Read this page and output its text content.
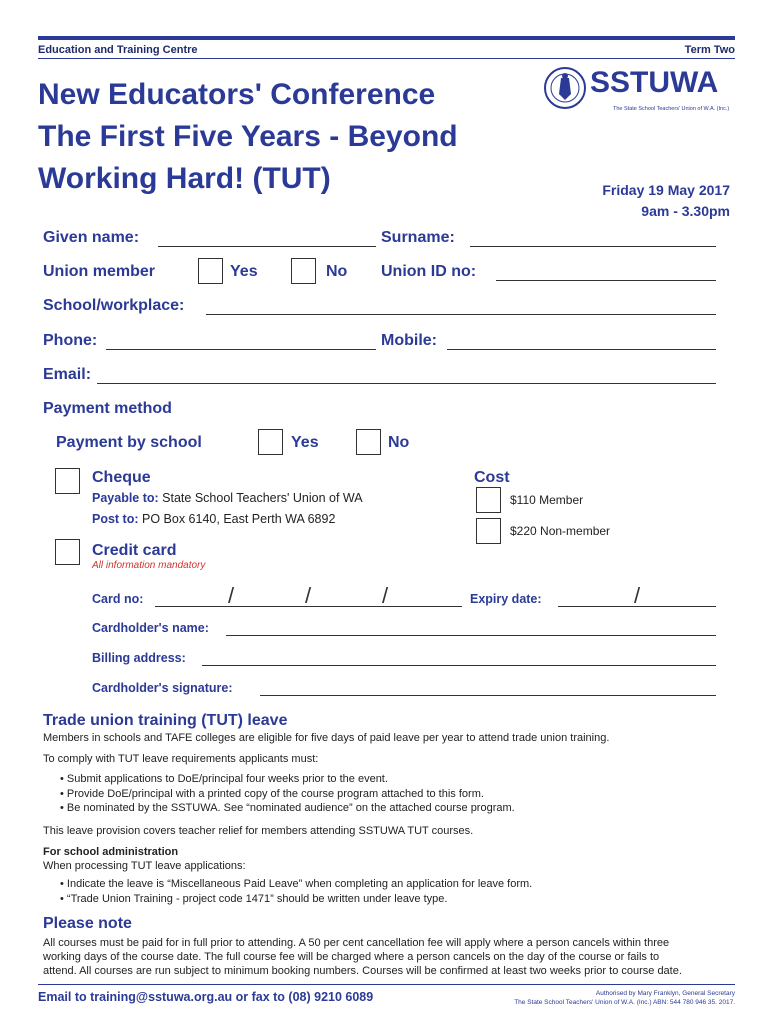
Education and Training Centre	Term Two
New Educators' Conference
The First Five Years - Beyond
Working Hard! (TUT)
SSTUWA
The State School Teachers' Union of W.A. (Inc.)
Friday 19 May 2017
9am - 3.30pm
Given name:	Surname:
Union member	Yes	No Union ID no:
School/workplace:
Phone:	Mobile:
Email:
Payment method
Payment by school	Yes	No
Cheque
Payable to: State School Teachers' Union of WA
Post to: PO Box 6140, East Perth WA 6892
Cost
$110 Member
$220 Non-member
Credit card
All information mandatory
Card no:	/	/	/	Expiry date:	/
Cardholder's name:
Billing address:
Cardholder's signature:
Trade union training (TUT) leave
Members in schools and TAFE colleges are eligible for five days of paid leave per year to attend trade union training.
To comply with TUT leave requirements applicants must:
• Submit applications to DoE/principal four weeks prior to the event.
• Provide DoE/principal with a printed copy of the course program attached to this form.
• Be nominated by the SSTUWA. See “nominated audience” on the attached course program.
This leave provision covers teacher relief for members attending SSTUWA TUT courses.
For school administration
When processing TUT leave applications:
• Indicate the leave is “Miscellaneous Paid Leave” when completing an application for leave form.
• “Trade Union Training - project code 1471” should be written under leave type.
Please note
All courses must be paid for in full prior to attending. A 50 per cent cancellation fee will apply where a person cancels within three
working days of the course date. The full course fee will be charged where a person cancels on the day of the course or fails to
attend. All courses are run subject to minimum booking numbers. Courses will be confirmed at least two weeks prior to course date.
Email to training@sstuwa.org.au or fax to (08) 9210 6089	Authorised by Mary Franklyn, General Secretary
The State School Teachers' Union of W.A. (Inc.) ABN: 544 780 946 35. 2017.
